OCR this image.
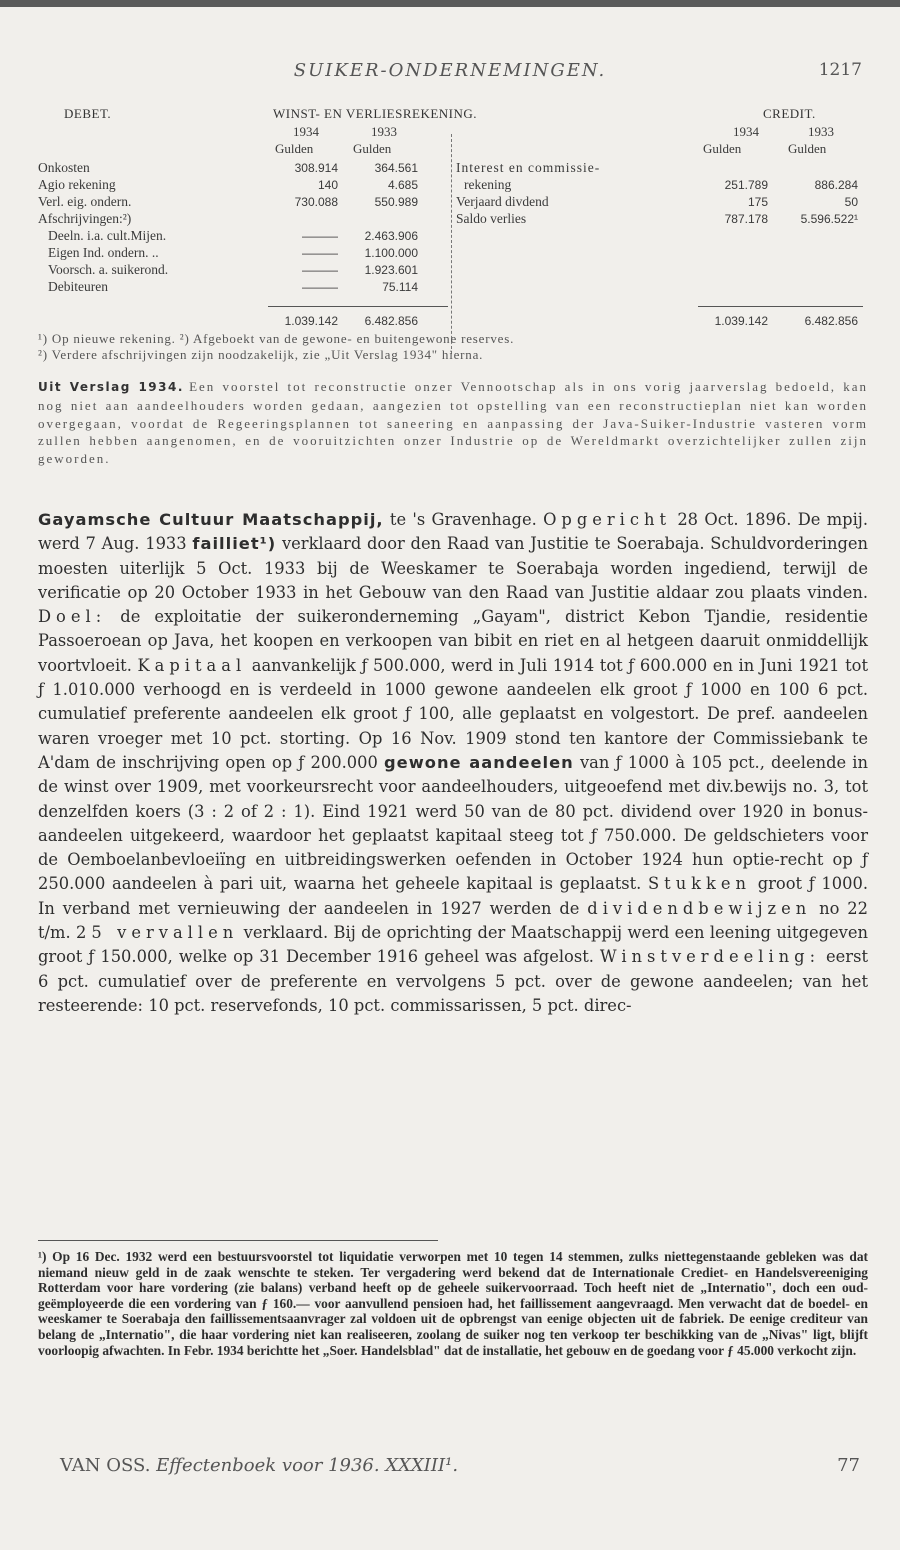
SUIKER-ONDERNEMINGEN.	1217
DEBET.	WINST- EN VERLIESREKENING.	CREDIT.
1934	1933
Gulden	Gulden
1934	1933
Gulden	Gulden
Onkosten	308.914	364.561
Agio rekening	140	4.685
Verl. eig. ondern.	730.088	550.989
Afschrijvingen:²)
Deeln. i.a. cult.Mijen.	———	2.463.906
Eigen Ind. ondern. ..	———	1.100.000
Voorsch. a. suikerond.	———	1.923.601
Debiteuren	———	75.114
Interest en commissie-
rekening	251.789	886.284
Verjaard divdend	175	50
Saldo verlies	787.178	5.596.522¹
1.039.142	6.482.856	1.039.142	6.482.856
¹) Op nieuwe rekening. ²) Afgeboekt van de gewone- en buitengewone reserves.
²) Verdere afschrijvingen zijn noodzakelijk, zie „Uit Verslag 1934" hierna.
Uit Verslag 1934. Een voorstel tot reconstructie onzer Vennootschap als in ons vorig jaarverslag bedoeld, kan nog niet aan aandeelhouders worden gedaan, aangezien tot opstelling van een reconstructieplan niet kan worden overgegaan, voordat de Regeeringsplannen tot saneering en aanpassing der Java-Suiker-Industrie vasteren vorm zullen hebben aangenomen, en de vooruitzichten onzer Industrie op de Wereldmarkt overzichtelijker zullen zijn geworden.
Gayamsche Cultuur Maatschappij, te 's Gravenhage. Opgericht 28 Oct. 1896. De mpij. werd 7 Aug. 1933 failliet¹) verklaard door den Raad van Justitie te Soerabaja. Schuldvorderingen moesten uiterlijk 5 Oct. 1933 bij de Weeskamer te Soerabaja worden ingediend, terwijl de verificatie op 20 October 1933 in het Gebouw van den Raad van Justitie aldaar zou plaats vinden. Doel: de exploitatie der suikeronderneming „Gayam", district Kebon Tjandie, residentie Passoeroean op Java, het koopen en verkoopen van bibit en riet en al hetgeen daaruit onmiddellijk voortvloeit. Kapitaal aanvankelijk ƒ 500.000, werd in Juli 1914 tot ƒ 600.000 en in Juni 1921 tot ƒ 1.010.000 verhoogd en is verdeeld in 1000 gewone aandeelen elk groot ƒ 1000 en 100 6 pct. cumulatief preferente aandeelen elk groot ƒ 100, alle geplaatst en volgestort. De pref. aandeelen waren vroeger met 10 pct. storting. Op 16 Nov. 1909 stond ten kantore der Commissiebank te A'dam de inschrijving open op ƒ 200.000 gewone aandeelen van ƒ 1000 à 105 pct., deelende in de winst over 1909, met voorkeursrecht voor aandeelhouders, uitgeoefend met div.bewijs no. 3, tot denzelfden koers (3 : 2 of 2 : 1). Eind 1921 werd 50 van de 80 pct. dividend over 1920 in bonus-aandeelen uitgekeerd, waardoor het geplaatst kapitaal steeg tot ƒ 750.000. De geldschieters voor de Oemboelanbevloeiïng en uitbreidingswerken oefenden in October 1924 hun optie-recht op ƒ 250.000 aandeelen à pari uit, waarna het geheele kapitaal is geplaatst. Stukken groot ƒ 1000. In verband met vernieuwing der aandeelen in 1927 werden de dividendbewijzen no 22 t/m. 25 vervallen verklaard. Bij de oprichting der Maatschappij werd een leening uitgegeven groot ƒ 150.000, welke op 31 December 1916 geheel was afgelost. Winstverdeeling: eerst 6 pct. cumulatief over de preferente en vervolgens 5 pct. over de gewone aandeelen; van het resteerende: 10 pct. reservefonds, 10 pct. commissarissen, 5 pct. direc-
¹) Op 16 Dec. 1932 werd een bestuursvoorstel tot liquidatie verworpen met 10 tegen 14 stemmen, zulks niettegenstaande gebleken was dat niemand nieuw geld in de zaak wenschte te steken. Ter vergadering werd bekend dat de Internationale Crediet- en Handelsvereeniging Rotterdam voor hare vordering (zie balans) verband heeft op de geheele suikervoorraad. Toch heeft niet de „Internatio", doch een oud-geëmployeerde die een vordering van ƒ 160.— voor aanvullend pensioen had, het faillissement aangevraagd. Men verwacht dat de boedel- en weeskamer te Soerabaja den faillissementsaanvrager zal voldoen uit de opbrengst van eenige objecten uit de fabriek. De eenige crediteur van belang de „Internatio", die haar vordering niet kan realiseeren, zoolang de suiker nog ten verkoop ter beschikking van de „Nivas" ligt, blijft voorloopig afwachten. In Febr. 1934 berichtte het „Soer. Handelsblad" dat de installatie, het gebouw en de goedang voor ƒ 45.000 verkocht zijn.
VAN OSS. Effectenboek voor 1936. XXXIII¹.	77
